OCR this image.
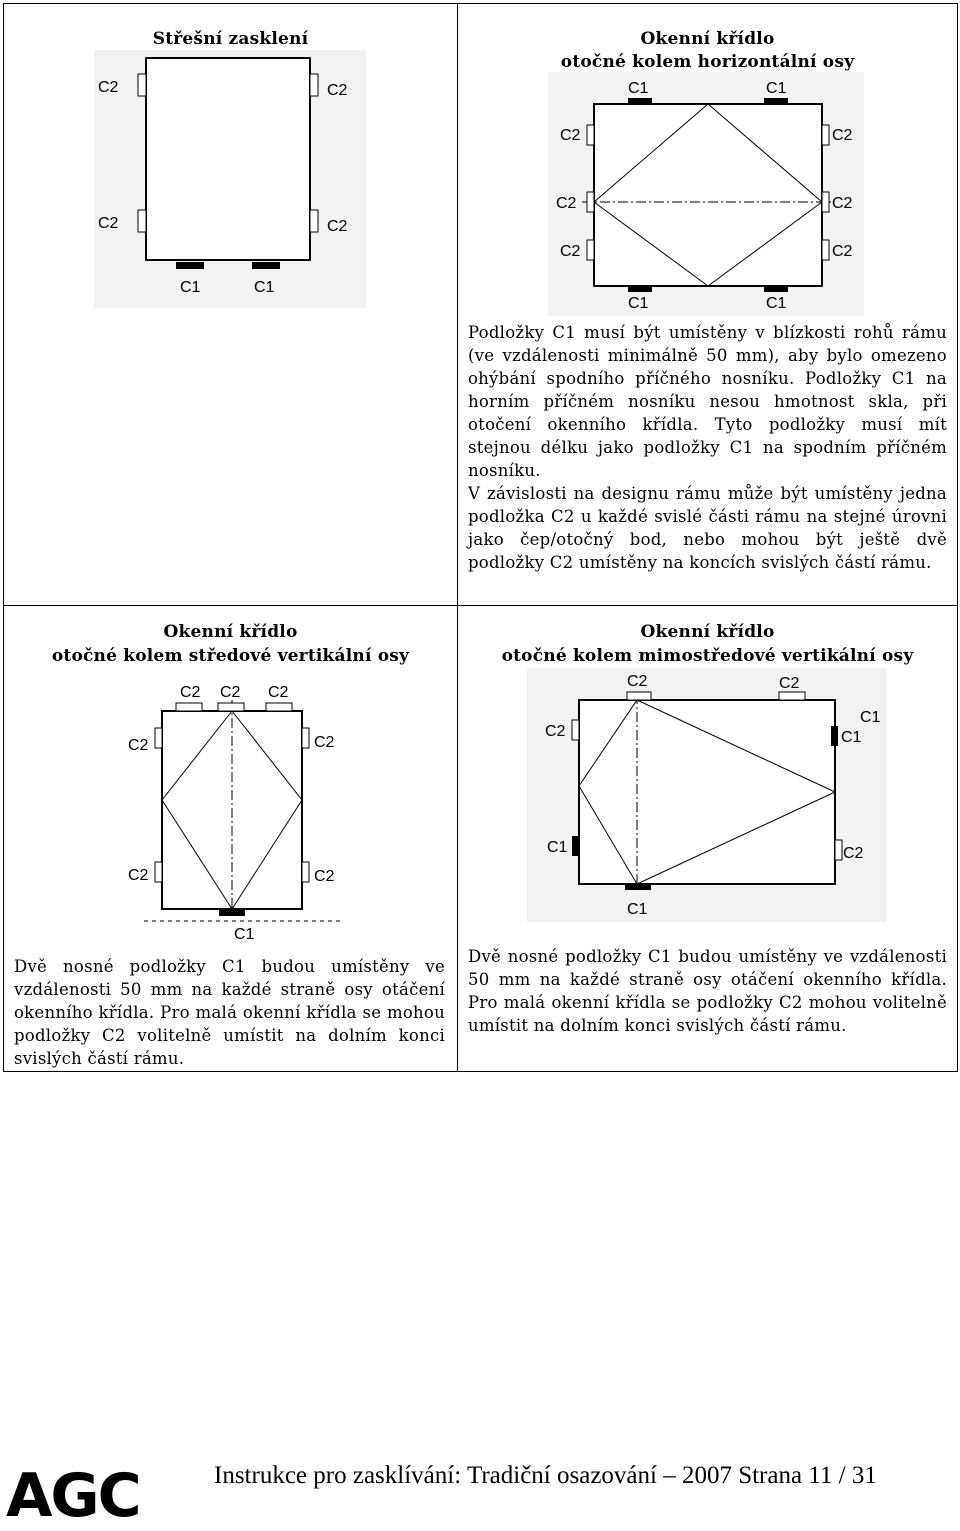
Střešní zasklení
C2	C2
C2	C2
C1	C1
Okenní křídlo
otočné kolem horizontální osy

Podložky C1 musí být umístěny v blízkosti rohů rámu (ve vzdálenosti minimálně 50 mm), aby bylo omezeno ohýbání spodního příčného nosníku. Podložky C1 na horním příčném nosníku nesou hmotnost skla, při otočení okenního křídla. Tyto podložky musí mít stejnou délku jako podložky C1 na spodním příčném nosníku.

V závislosti na designu rámu může být umístěny jedna podložka C2 u každé svislé části rámu na stejné úrovni jako čep/otočný bod, nebo mohou být ještě dvě podložky C2 umístěny na koncích svislých částí rámu.

C1	C1
C2	C2
C2	C2
C2	C2
C1	C1
Okenní křídlo
otočné kolem středové vertikální osy
Dvě nosné podložky C1 budou umístěny ve vzdálenosti 50 mm na každé straně osy otáčení okenního křídla. Pro malá okenní křídla se mohou podložky C2 volitelně umístit na dolním konci svislých částí rámu.
C2 C2 C2
C2	C2
C2	C2
C1
Okenní křídlo
otočné kolem mimostředové vertikální osy
Dvě nosné podložky C1 budou umístěny ve vzdálenosti 50 mm na každé straně osy otáčení okenního křídla. Pro malá okenní křídla se podložky C2 mohou volitelně umístit na dolním konci svislých částí rámu.
C2	C2
C2
C1
C1
C1	C2
C1
AGC	Instrukce pro zasklívání: Tradiční osazování – 2007 Strana 11 / 31
